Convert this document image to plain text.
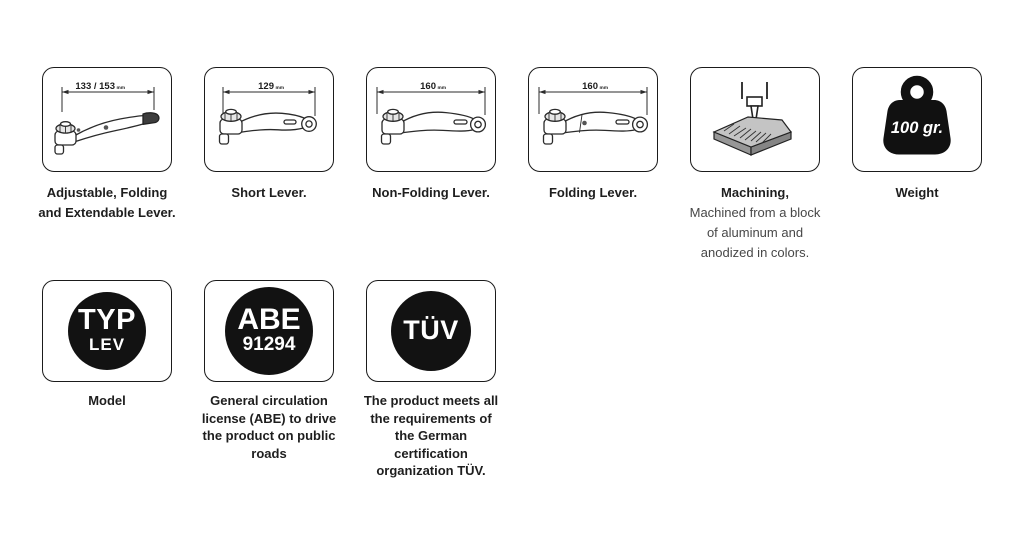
133 / 153 mm
Adjustable, Folding
and Extendable Lever.
129 mm
Short Lever.
160 mm
Non-Folding Lever.
160 mm
Folding Lever.	Machining,
Machined from a block
of aluminum and
anodized in colors.
100 gr.
Weight
TYP
LEV
Model
ABE
91294
General circulation
license (ABE) to drive
the product on public
roads
TÜV
The product meets all
the requirements of
the German
certification
organization TÜV.
